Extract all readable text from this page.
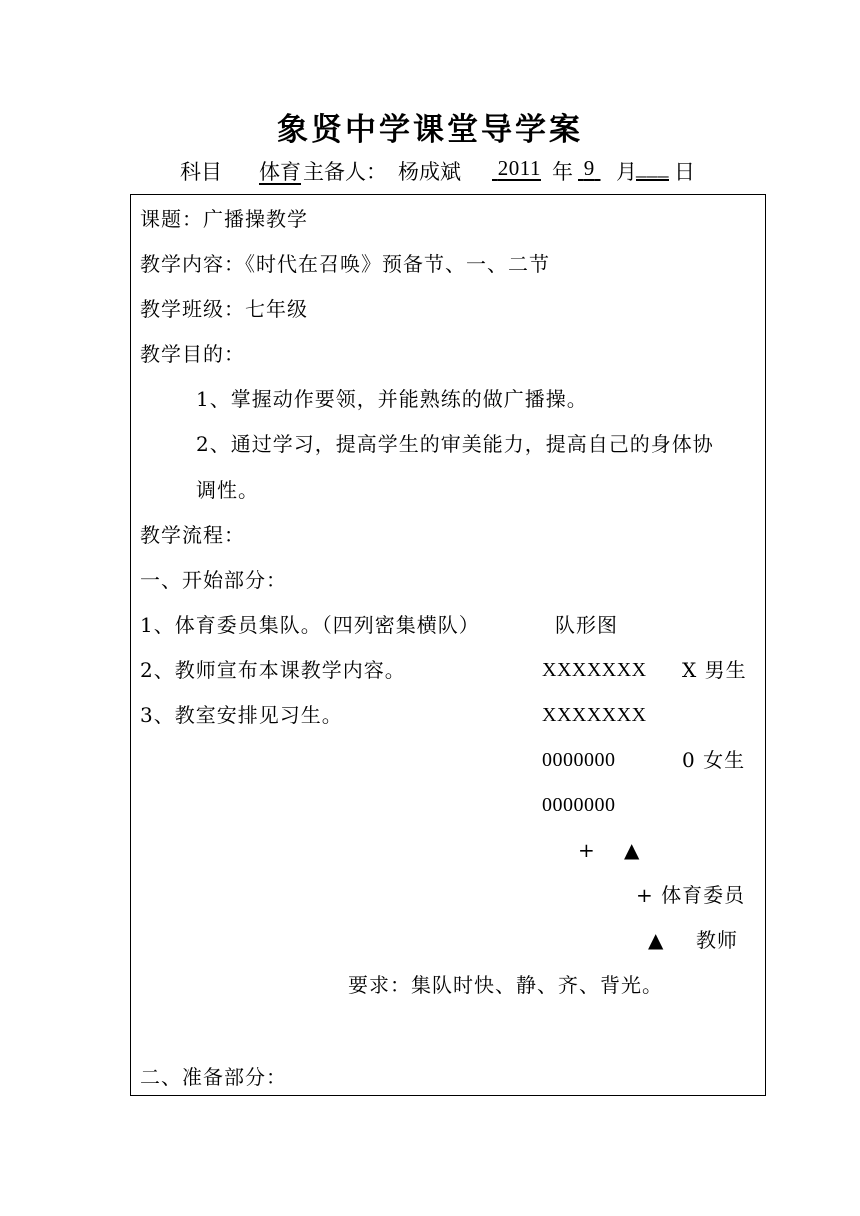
象贤中学课堂导学案
科目 体育 主备人： 杨成斌 2011 年 9 月 ___ 日
课题：广播操教学
教学内容：《时代在召唤》预备节、一、二节
教学班级：七年级
教学目的：
1、掌握动作要领，并能熟练的做广播操。
2、通过学习，提高学生的审美能力，提高自己的身体协
调性。
教学流程：
一、开始部分：
1、体育委员集队。（四列密集横队）
2、教师宣布本课教学内容。
3、教室安排见习生。
队形图
XXXXXXX X 男生
XXXXXXX
0000000	0 女生
0000000
+ ▲
+ 体育委员
▲ 教师
要求：集队时快、静、齐、背光。
二、准备部分：
